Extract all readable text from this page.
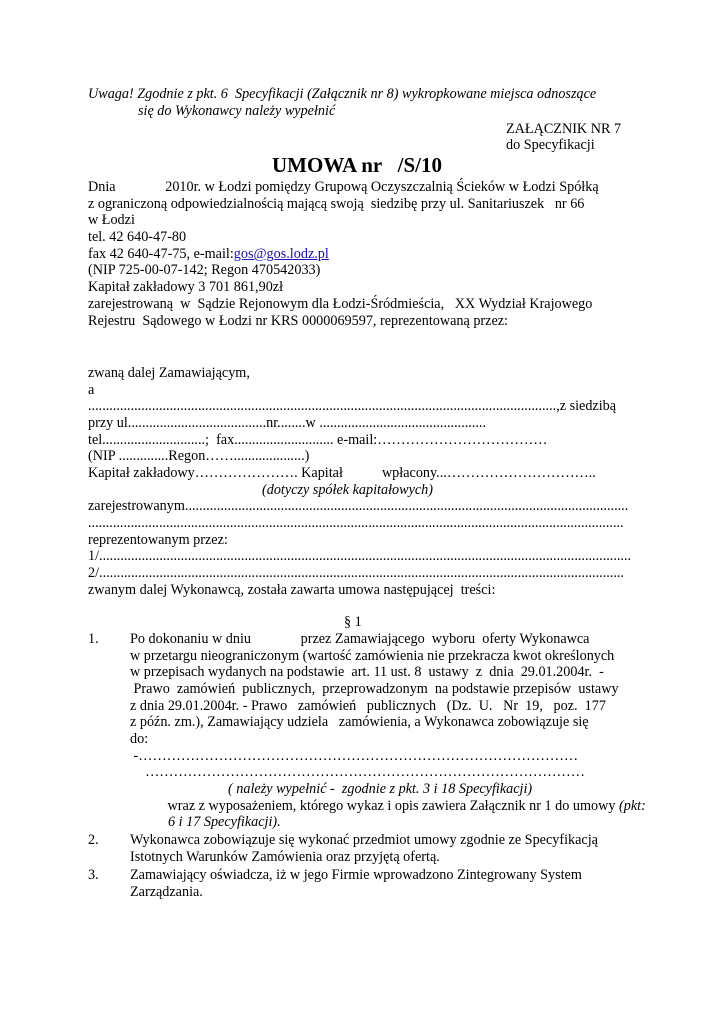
Uwaga! Zgodnie z pkt. 6  Specyfikacji (Załącznik nr 8) wykropkowane miejsca odnoszące
się do Wykonawcy należy wypełnić
ZAŁĄCZNIK NR 7
do Specyfikacji
UMOWA nr   /S/10
Dnia              2010r. w Łodzi pomiędzy Grupową Oczyszczalnią Ścieków w Łodzi Spółką
z ograniczoną odpowiedzialnością mającą swoją  siedzibę przy ul. Sanitariuszek   nr 66
w Łodzi
tel. 42 640-47-80
fax 42 640-47-75, e-mail:gos@gos.lodz.pl
(NIP 725-00-07-142; Regon 470542033)
Kapitał zakładowy 3 701 861,90zł
zarejestrowaną  w  Sądzie Rejonowym dla Łodzi-Śródmieścia,   XX Wydział Krajowego
Rejestru  Sądowego w Łodzi nr KRS 0000069597, reprezentowaną przez:
zwaną dalej Zamawiającym,
a
....................................................................................................................................,z siedzibą
przy ul.......................................nr........w ...............................................
tel.............................;  fax............................ e-mail:………………………………
(NIP ..............Regon……....................)
Kapitał zakładowy…………………. Kapitał           wpłacony...…………………………..
(dotyczy spółek kapitałowych)
zarejestrowanym.............................................................................................................................
.......................................................................................................................................................
reprezentowanym przez:
1/......................................................................................................................................................
2/....................................................................................................................................................
zwanym dalej Wykonawcą, została zawarta umowa następującej  treści:
§ 1
1. Po dokonaniu w dniu              przez Zamawiającego  wyboru  oferty Wykonawca
w przetargu nieograniczonym (wartość zamówienia nie przekracza kwot określonych
w przepisach wydanych na podstawie  art. 11 ust. 8  ustawy  z  dnia  29.01.2004r.  -
Prawo  zamówień  publicznych,  przeprowadzonym  na podstawie przepisów  ustawy
z dnia 29.01.2004r. - Prawo   zamówień   publicznych   (Dz.  U.   Nr  19,   poz.  177
z późn. zm.), Zamawiający udziela   zamówienia, a Wykonawca zobowiązuje się
do:
-…………………………………………………………………………………
…………………………………………………………………………………
( należy wypełnić -  zgodnie z pkt. 3 i 18 Specyfikacji)
wraz z wyposażeniem, którego wykaz i opis zawiera Załącznik nr 1 do umowy (pkt:
6 i 17 Specyfikacji).
2. Wykonawca zobowiązuje się wykonać przedmiot umowy zgodnie ze Specyfikacją
Istotnych Warunków Zamówienia oraz przyjętą ofertą.
3. Zamawiający oświadcza, iż w jego Firmie wprowadzono Zintegrowany System
Zarządzania.
